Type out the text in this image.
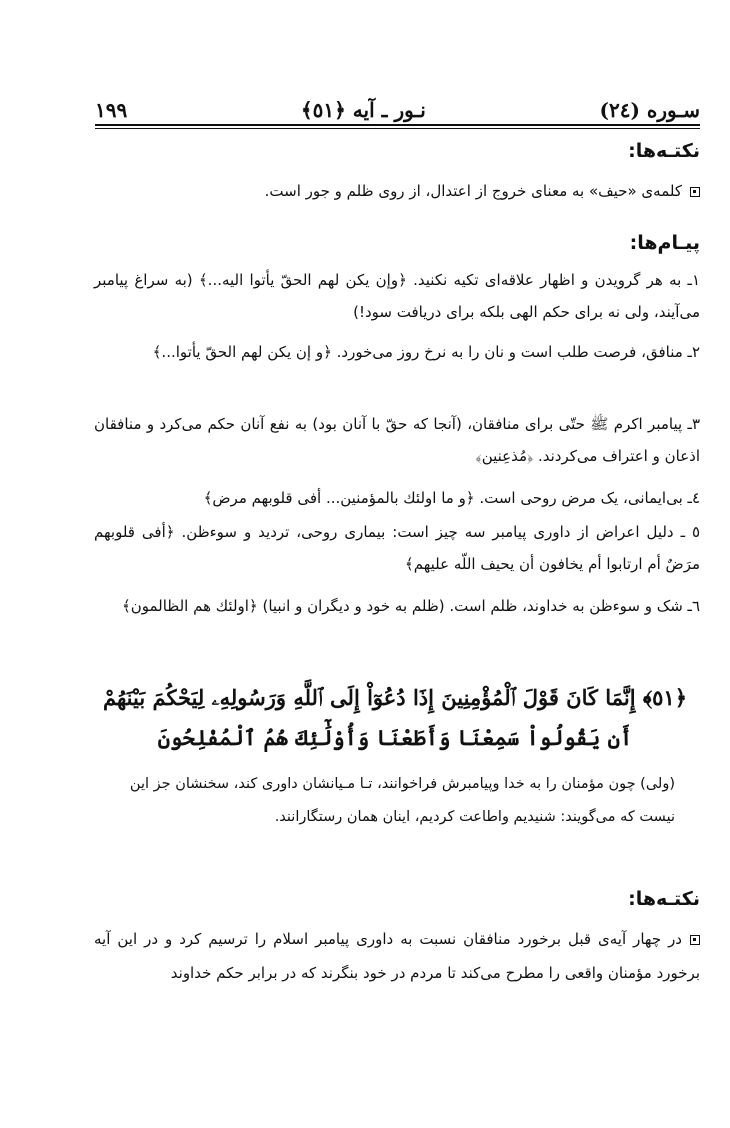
سـوره (٢٤)
نـور ـ آيه ﴿٥١﴾
١٩٩
نکتـه‌ها:
کلمه‌ی «حیف» به معنای خروج از اعتدال، از روی ظلم و جور است.
پیـام‌ها:
١ـ به هر گرویدن و اظهار علاقه‌ای تکیه نکنید. ﴿وإن یکن لهم الحقّ یأتوا الیه...﴾ (به سراغ پیامبر می‌آیند، ولی نه برای حکم الهی بلکه برای دریافت سود!)
٢ـ منافق، فرصت طلب است و نان را به نرخ روز می‌خورد. ﴿و إن یکن لهم الحقّ یأتوا...﴾
٣ـ پیامبر اکرم ﷺ حتّی برای منافقان، (آنجا که حقّ با آنان بود) به نفع آنان حکم می‌کرد و منافقان اذعان و اعتراف می‌کردند. ﴿مُذعِنین﴾
٤ـ بی‌ایمانی، یک مرض روحی است. ﴿و ما اولئك بالمؤمنین... أفی قلوبهم مرض﴾
٥ ـ دلیل اعراض از داوری پیامبر سه چیز است: بیماری روحی، تردید و سوءظن. ﴿أفی قلوبهم مرَضٌ أم ارتابوا أم یخافون أن یحیف اللّه علیهم﴾
٦ـ شک و سوءظن به خداوند، ظلم است. (ظلم به خود و دیگران و انبیا) ﴿اولئك هم الظالمون﴾
﴿٥١﴾ إِنَّمَا كَانَ قَوْلَ ٱلْمُؤْمِنِينَ إِذَا دُعُوٓاْ إِلَى ٱللَّهِ وَرَسُولِهِۦ لِيَحْكُمَ بَيْنَهُمْ
أَن يَقُولُواْ سَمِعْنَا وَأَطَعْنَا وَأُوْلَٰٓئِكَ هُمُ ٱلْمُفْلِحُونَ
(ولی) چون مؤمنان را به خدا وپیامبرش فراخوانند، تـا مـیانشان داوری کند، سخنشان جز این نیست که می‌گویند: شنیدیم واطاعت کردیم، اینان همان رستگارانند.
نکتـه‌ها:
در چهار آیه‌ی قبل برخورد منافقان نسبت به داوری پیامبر اسلام را ترسیم کرد و در این آیه برخورد مؤمنان واقعی را مطرح می‌کند تا مردم در خود بنگرند که در برابر حکم خداوند
